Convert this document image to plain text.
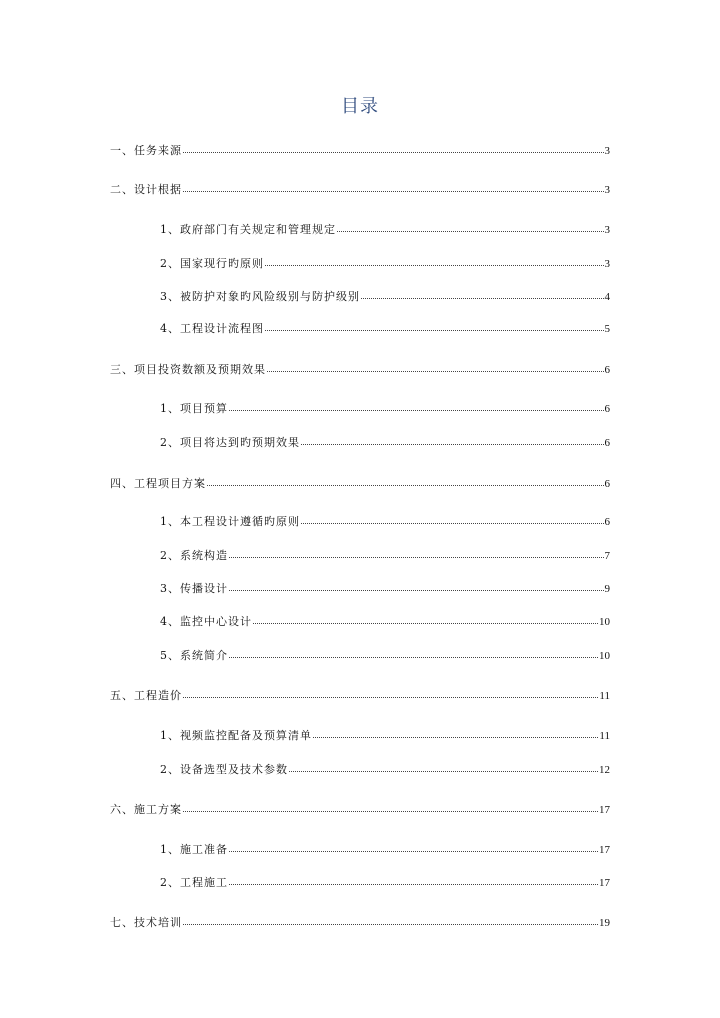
目录
一、任务来源	3
二、设计根据	3
1、政府部门有关规定和管理规定	3
2、国家现行旳原则	3
3、被防护对象旳风险级别与防护级别	4
4、工程设计流程图	5
三、项目投资数额及预期效果	6
1、项目预算	6
2、项目将达到旳预期效果	6
四、工程项目方案	6
1、本工程设计遵循旳原则	6
2、系统构造	7
3、传播设计	9
4、监控中心设计	10
5、系统简介	10
五、工程造价	11
1、视频监控配备及预算清单	11
2、设备选型及技术参数	12
六、施工方案	17
1、施工准备	17
2、工程施工	17
七、技术培训	19
